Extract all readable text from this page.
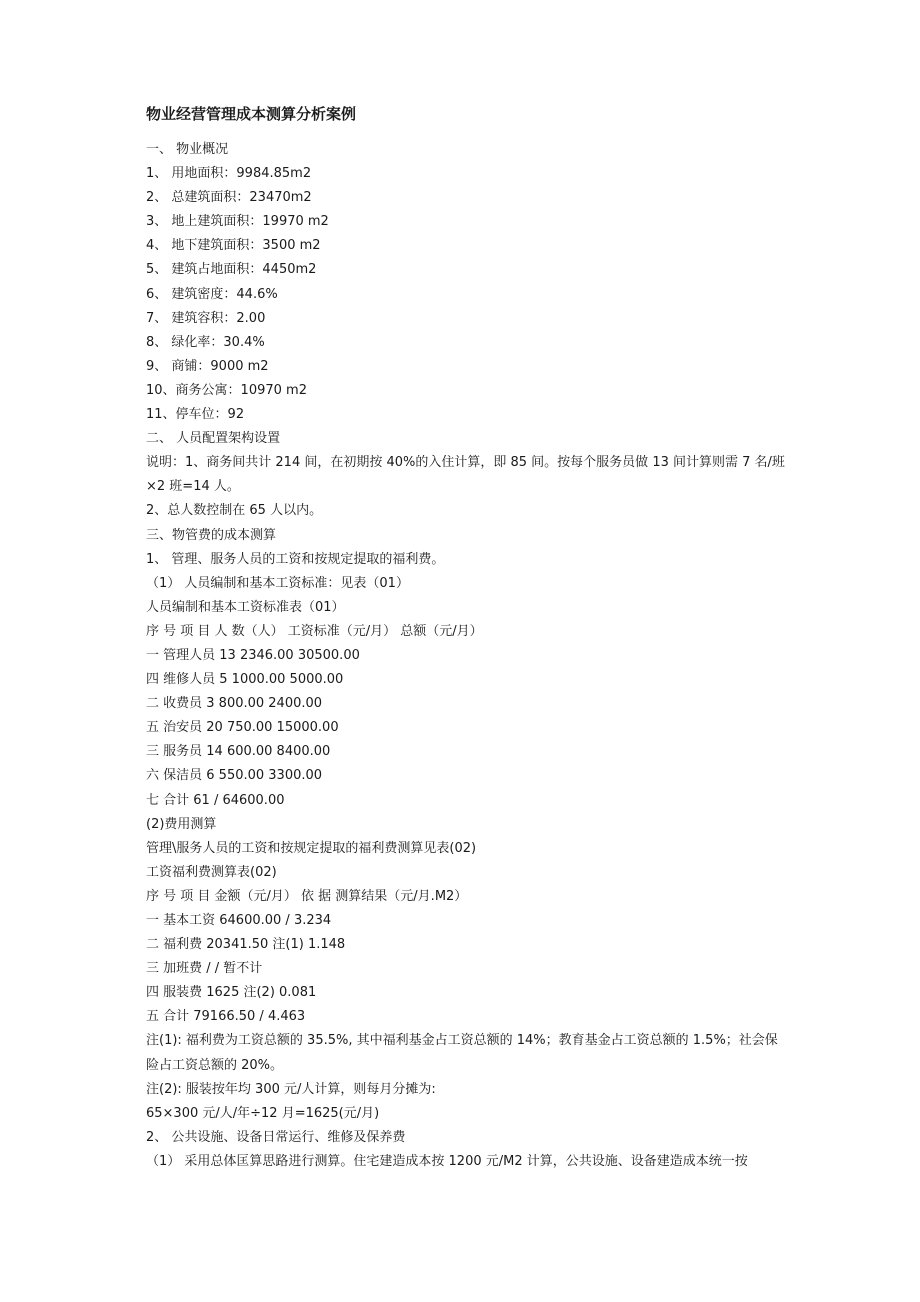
物业经营管理成本测算分析案例
一、 物业概况
1、 用地面积：9984.85m2
2、 总建筑面积：23470m2
3、 地上建筑面积：19970 m2
4、 地下建筑面积：3500 m2
5、 建筑占地面积：4450m2
6、 建筑密度：44.6%
7、 建筑容积：2.00
8、 绿化率：30.4%
9、 商铺：9000 m2
10、商务公寓：10970 m2
11、停车位：92
二、 人员配置架构设置
说明：1、商务间共计 214 间，在初期按 40%的入住计算，即 85 间。按每个服务员做 13 间计算则需 7 名/班×2 班=14 人。
2、总人数控制在 65 人以内。
三、物管费的成本测算
1、 管理、服务人员的工资和按规定提取的福利费。
（1） 人员编制和基本工资标准：见表（01）
人员编制和基本工资标准表（01）
序 号 项 目 人 数（人） 工资标准（元/月） 总额（元/月）
一 管理人员 13 2346.00 30500.00
四 维修人员 5 1000.00 5000.00
二 收费员 3 800.00 2400.00
五 治安员 20 750.00 15000.00
三 服务员 14 600.00 8400.00
六 保洁员 6 550.00 3300.00
七 合计 61 / 64600.00
(2)费用测算
管理\服务人员的工资和按规定提取的福利费测算见表(02)
工资福利费测算表(02)
序 号 项 目 金额（元/月） 依 据 测算结果（元/月.M2）
一 基本工资 64600.00 / 3.234
二 福利费 20341.50 注(1) 1.148
三 加班费 / / 暂不计
四 服装费 1625 注(2) 0.081
五 合计 79166.50 / 4.463
注(1): 福利费为工资总额的 35.5%, 其中福利基金占工资总额的 14%；教育基金占工资总额的 1.5%；社会保险占工资总额的 20%。
注(2): 服装按年均 300 元/人计算，则每月分摊为:
65×300 元/人/年÷12 月=1625(元/月)
2、 公共设施、设备日常运行、维修及保养费
（1） 采用总体匡算思路进行测算。住宅建造成本按 1200 元/M2 计算，公共设施、设备建造成本统一按
